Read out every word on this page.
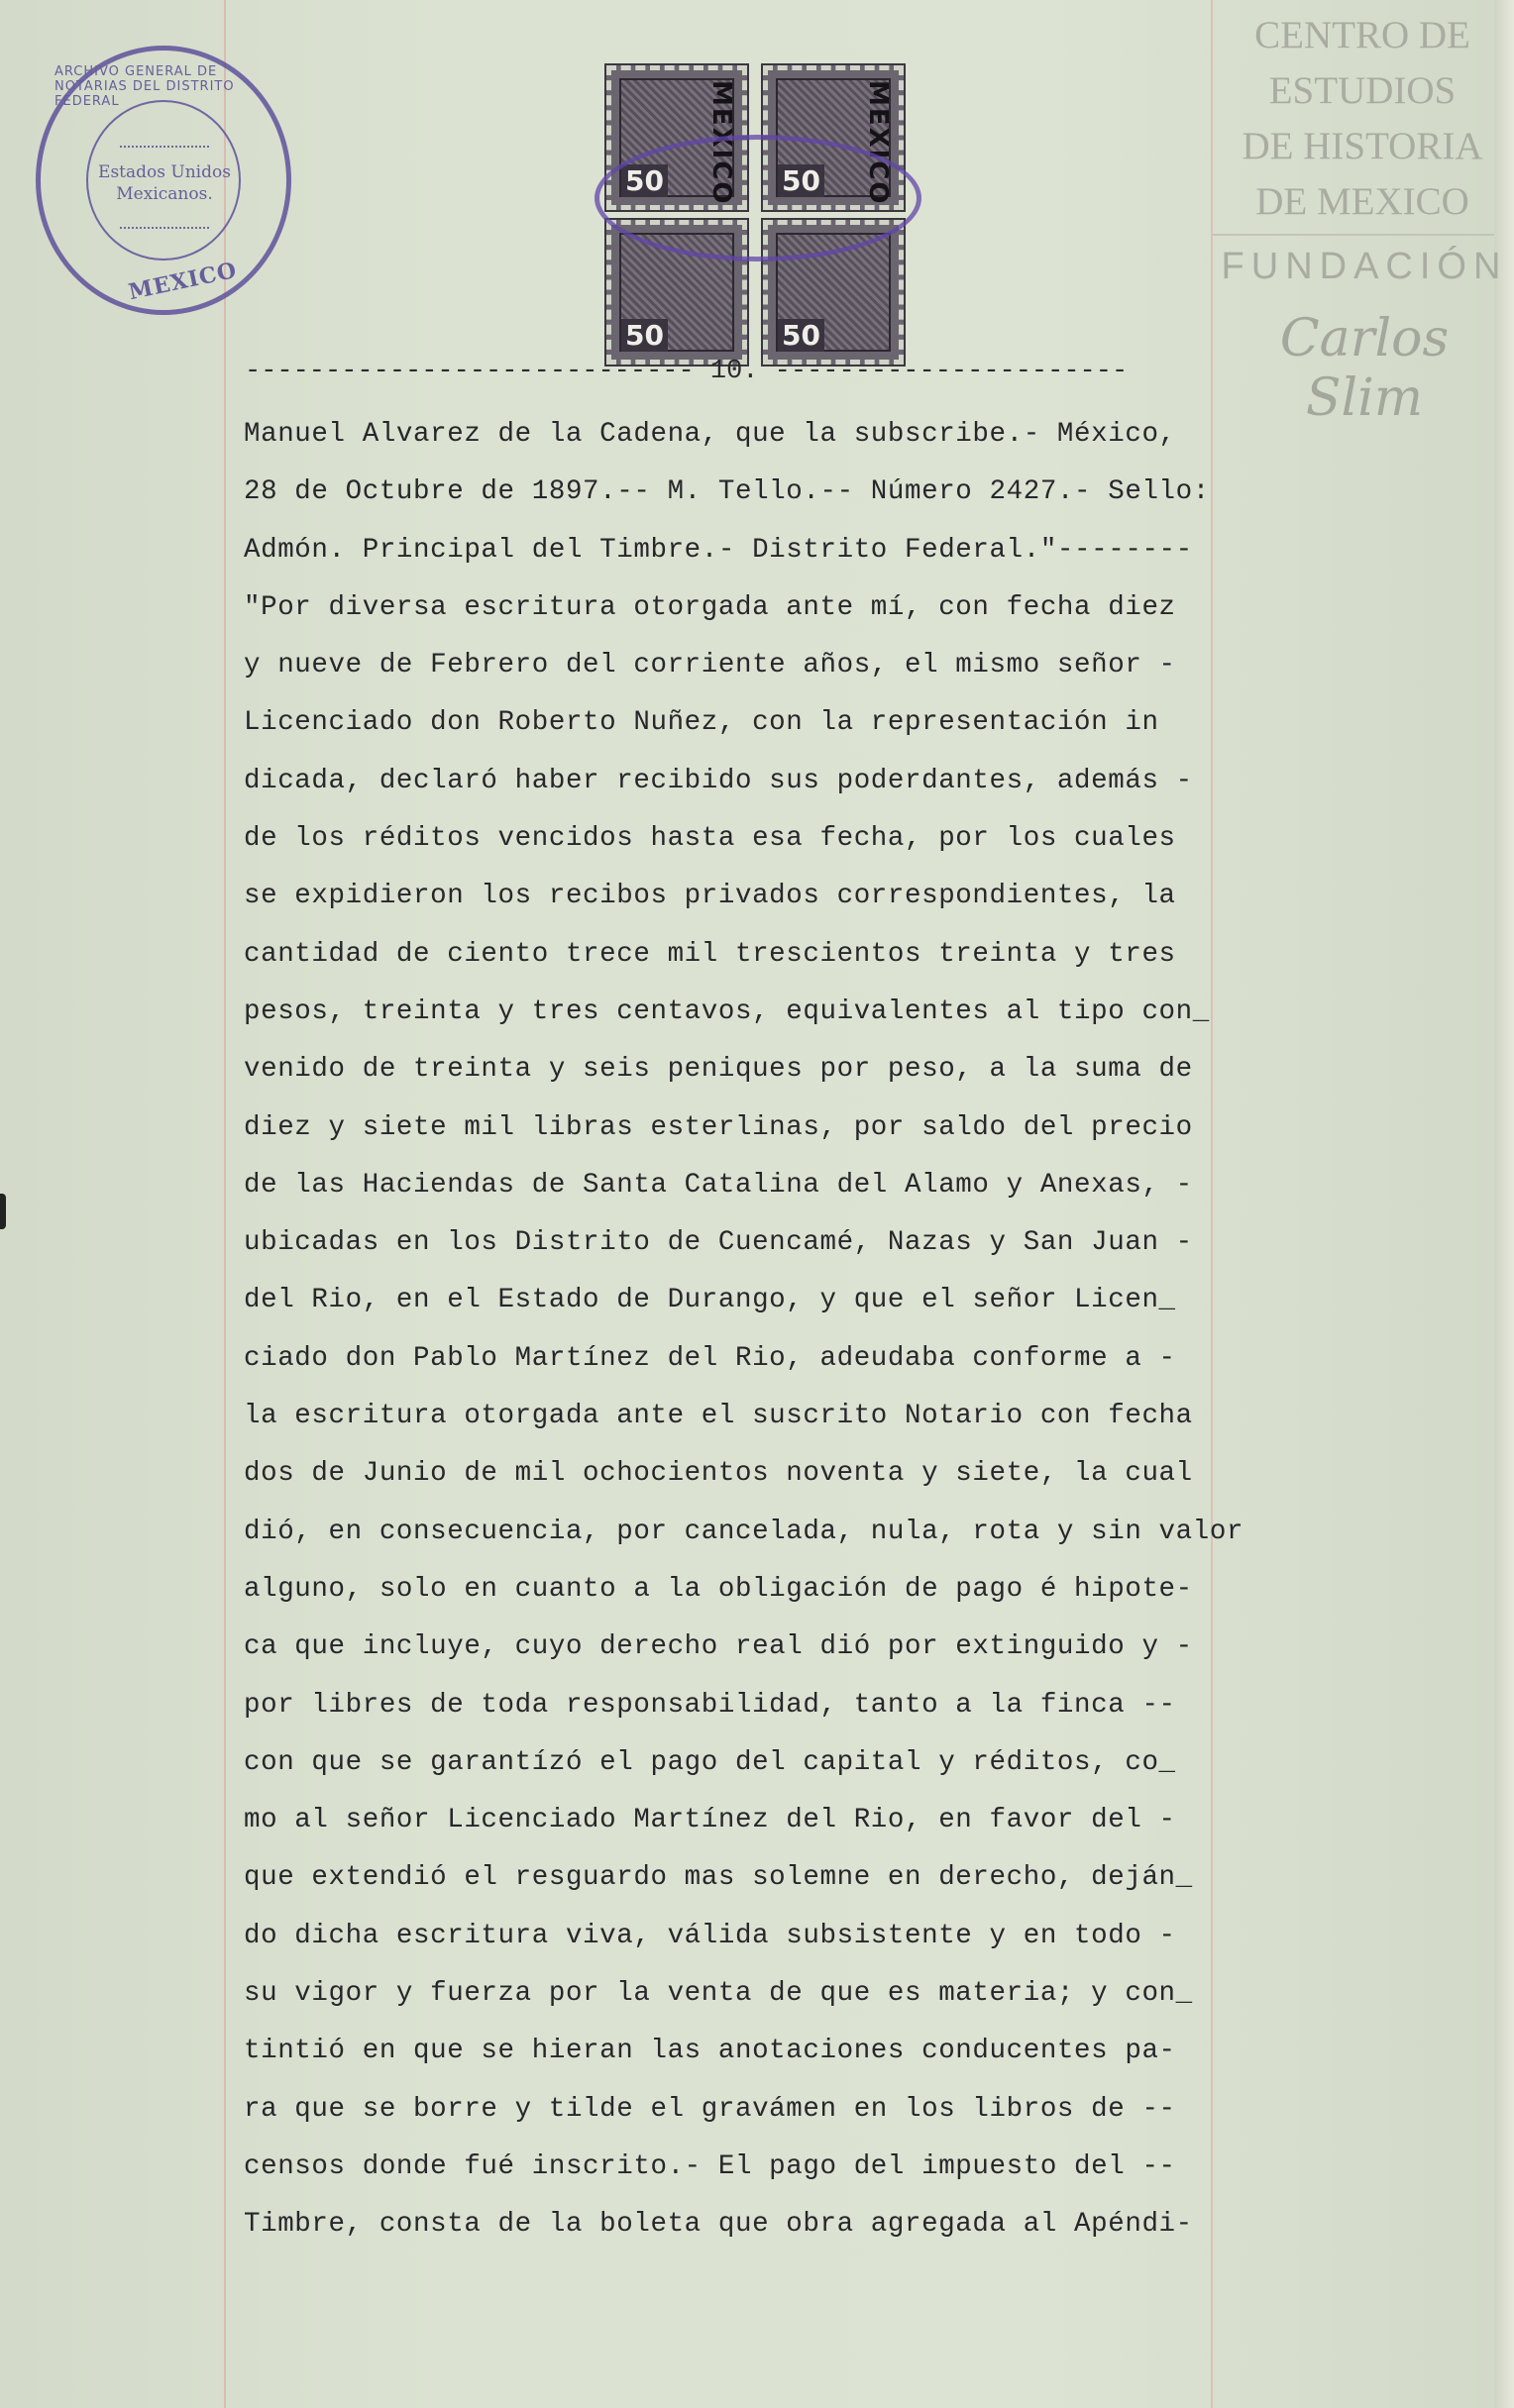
ARCHIVO GENERAL DE NOTARIAS DEL DISTRITO FEDERAL
Estados Unidos
Mexicanos.
MEXICO
MEXICO
50	MEXICO
50
50	50
CENTRO DE
ESTUDIOS
DE HISTORIA
DE MEXICO
FUNDACIÓN
Carlos Slim
---------------------------- 10. ----------------------
Manuel Alvarez de la Cadena, que la subscribe.- México,
28 de Octubre de 1897.-- M. Tello.-- Número 2427.- Sello:
Admón. Principal del Timbre.- Distrito Federal."--------
"Por diversa escritura otorgada ante mí, con fecha diez
y nueve de Febrero del corriente años, el mismo señor -
Licenciado don Roberto Nuñez, con la representación in
dicada, declaró haber recibido sus poderdantes, además -
de los réditos vencidos hasta esa fecha, por los cuales
se expidieron los recibos privados correspondientes, la
cantidad de ciento trece mil trescientos treinta y tres
pesos, treinta y tres centavos, equivalentes al tipo con_
venido de treinta y seis peniques por peso, a la suma de
diez y siete mil libras esterlinas, por saldo del precio
de las Haciendas de Santa Catalina del Alamo y Anexas, -
ubicadas en los Distrito de Cuencamé, Nazas y San Juan -
del Rio, en el Estado de Durango, y que el señor Licen_
ciado don Pablo Martínez del Rio, adeudaba conforme a -
la escritura otorgada ante el suscrito Notario con fecha
dos de Junio de mil ochocientos noventa y siete, la cual
dió, en consecuencia, por cancelada, nula, rota y sin valor
alguno, solo en cuanto a la obligación de pago é hipote-
ca que incluye, cuyo derecho real dió por extinguido y -
por libres de toda responsabilidad, tanto a la finca --
con que se garantízó el pago del capital y réditos, co_
mo al señor Licenciado Martínez del Rio, en favor del -
que extendió el resguardo mas solemne en derecho, deján_
do dicha escritura viva, válida subsistente y en todo -
su vigor y fuerza por la venta de que es materia; y con_
tintió en que se hieran las anotaciones conducentes pa-
ra que se borre y tilde el gravámen en los libros de --
censos donde fué inscrito.- El pago del impuesto del --
Timbre, consta de la boleta que obra agregada al Apéndi-
